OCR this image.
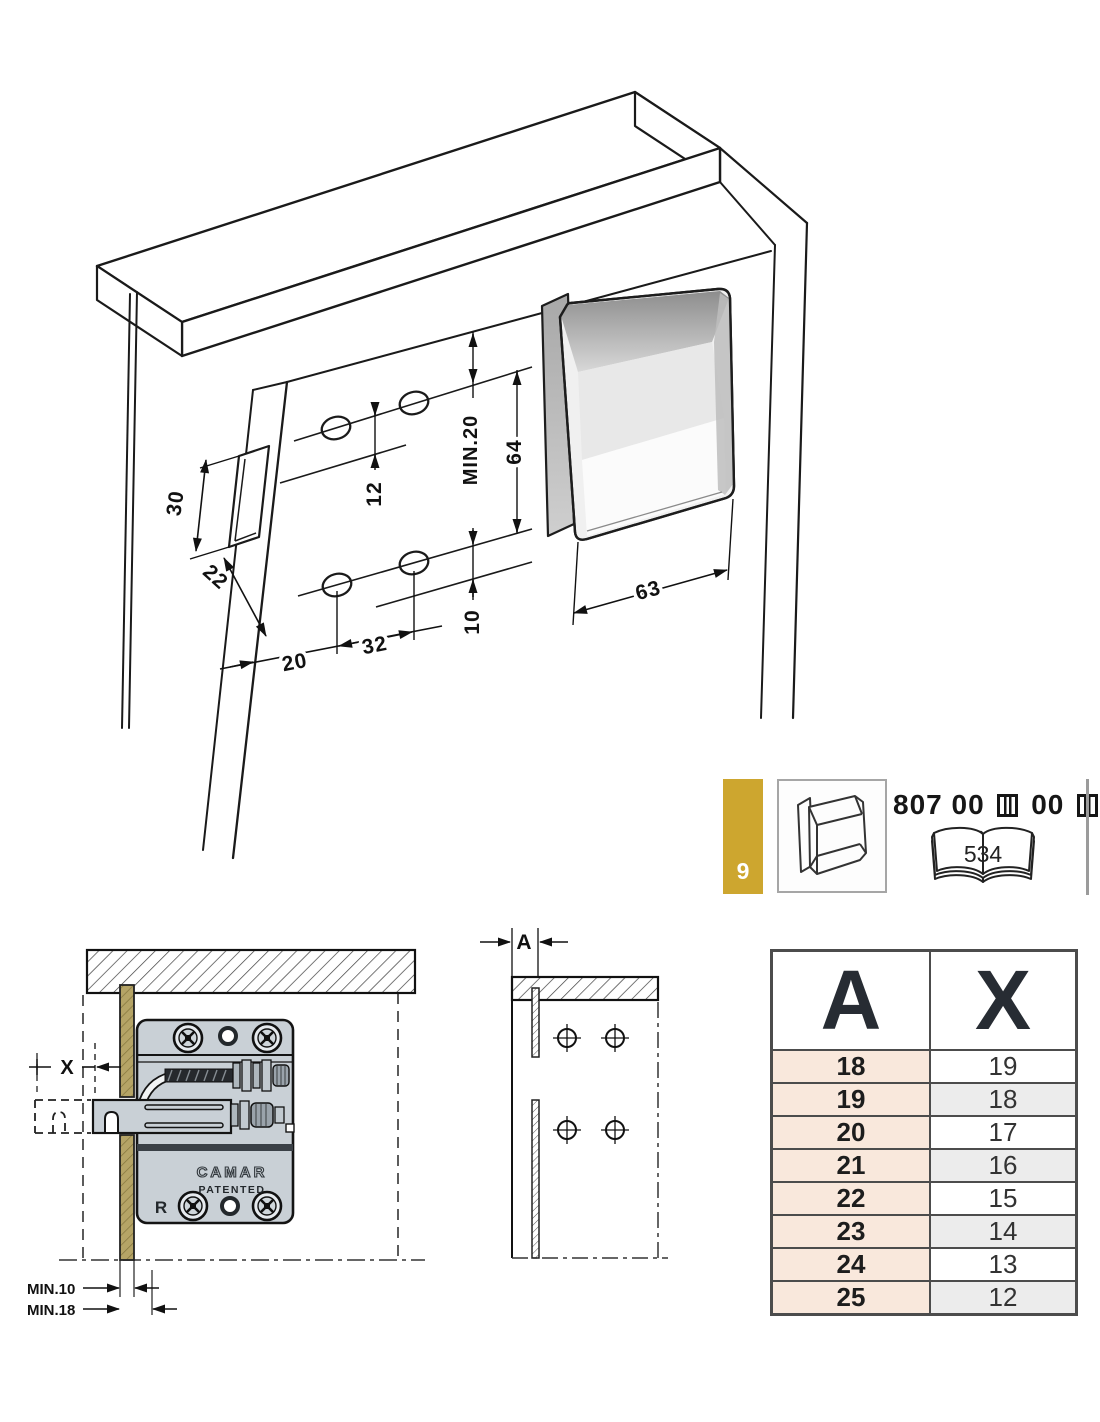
30
22
12
MIN.20 64
10
20
32
63
9
807 00 00
534
CAMAR
PATENTED
R
X
MIN.10
MIN.18
A
A	X
18	19
19	18
20	17
21	16
22	15
23	14
24	13
25	12
